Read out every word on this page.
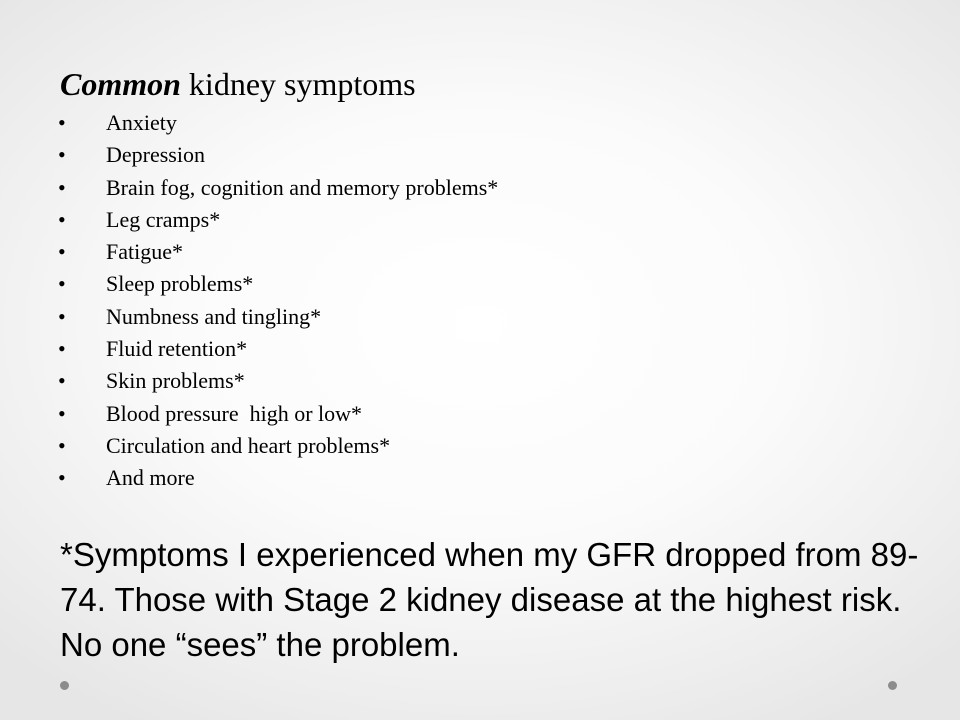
Common kidney symptoms
•	Anxiety
•	Depression
•	Brain fog, cognition and memory problems*
•	Leg cramps*
•	Fatigue*
•	Sleep problems*
•	Numbness and tingling*
•	Fluid retention*
•	Skin problems*
•	Blood pressure  high or low*
•	Circulation and heart problems*
•	And more

*Symptoms I experienced when my GFR dropped from 89-74. Those with Stage 2 kidney disease at the highest risk. No one “sees” the problem.
